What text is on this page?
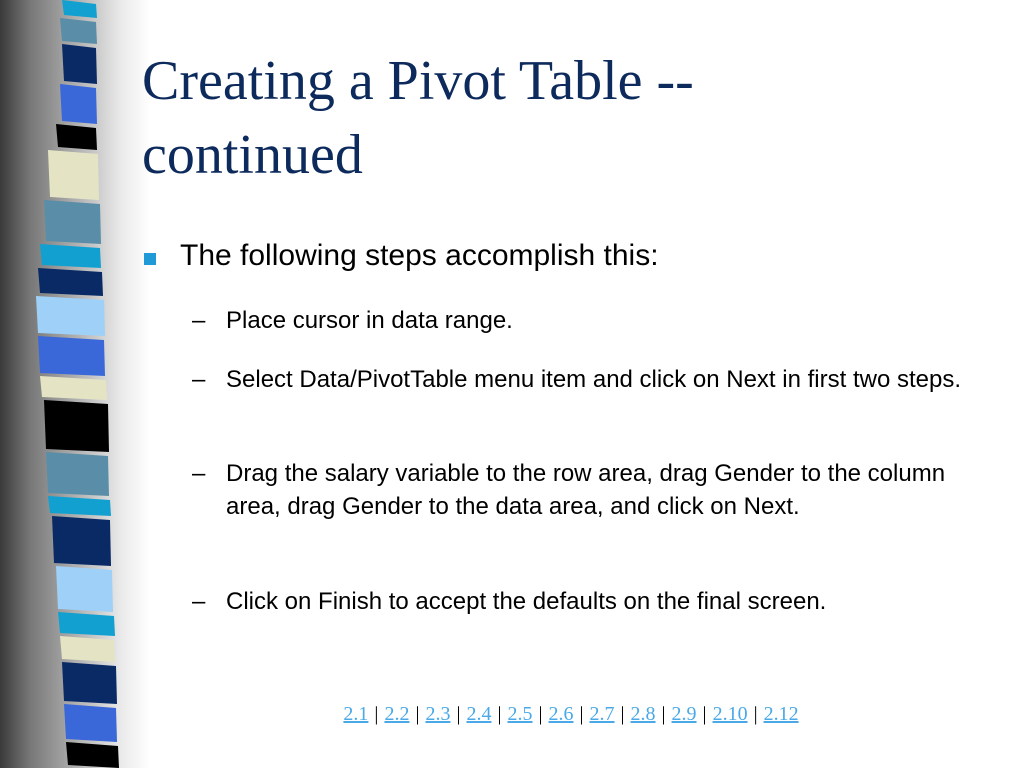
Creating a Pivot Table --
continued
The following steps accomplish this:
– Place cursor in data range.
– Select Data/PivotTable menu item and click on Next in first two steps.
– Drag the salary variable to the row area, drag Gender to the column area, drag Gender to the data area, and click on Next.
– Click on Finish to accept the defaults on the final screen.
2.1 | 2.2 | 2.3 | 2.4 | 2.5 | 2.6 | 2.7 | 2.8 | 2.9 | 2.10 | 2.12
